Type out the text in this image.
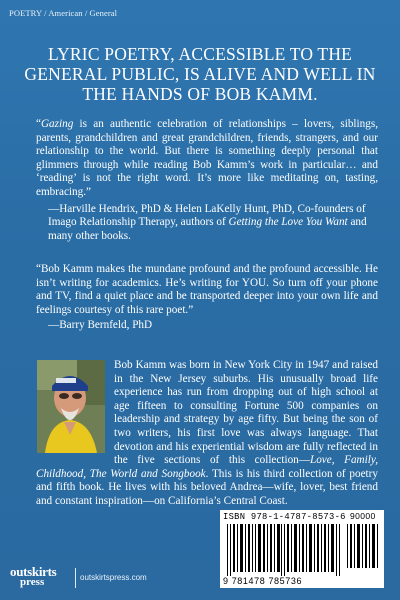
POETRY / American / General
LYRIC POETRY, ACCESSIBLE TO THE
GENERAL PUBLIC, IS ALIVE AND WELL IN
THE HANDS OF BOB KAMM.
“Gazing is an authentic celebration of relationships – lovers, siblings, parents, grandchildren and great grandchildren, friends, strangers, and our relationship to the world. But there is something deeply personal that glimmers through while reading Bob Kamm’s work in particular… and ‘reading’ is not the right word. It’s more like meditating on, tasting, embracing.”
—Harville Hendrix, PhD & Helen LaKelly Hunt, PhD, Co-founders of Imago Relationship Therapy, authors of Getting the Love You Want and many other books.
“Bob Kamm makes the mundane profound and the profound accessible. He isn’t writing for academics. He’s writing for YOU. So turn off your phone and TV, find a quiet place and be transported deeper into your own life and feelings courtesy of this rare poet.”
—Barry Bernfeld, PhD
Bob Kamm was born in New York City in 1947 and raised in the New Jersey suburbs. His unusually broad life experience has run from dropping out of high school at age fifteen to consulting Fortune 500 companies on leadership and strategy by age fifty. But being the son of two writers, his first love was always language. That devotion and his experiential wisdom are fully reflected in the five sections of this collection—Love, Family, Childhood, The World and Songbook. This is his third collection of poetry and fifth book. He lives with his beloved Andrea—wife, lover, best friend and constant inspiration—on California’s Central Coast.
ISBN 978-1-4787-8573-6 90000
9 781478 785736
outskirts
press	outskirtspress.com
